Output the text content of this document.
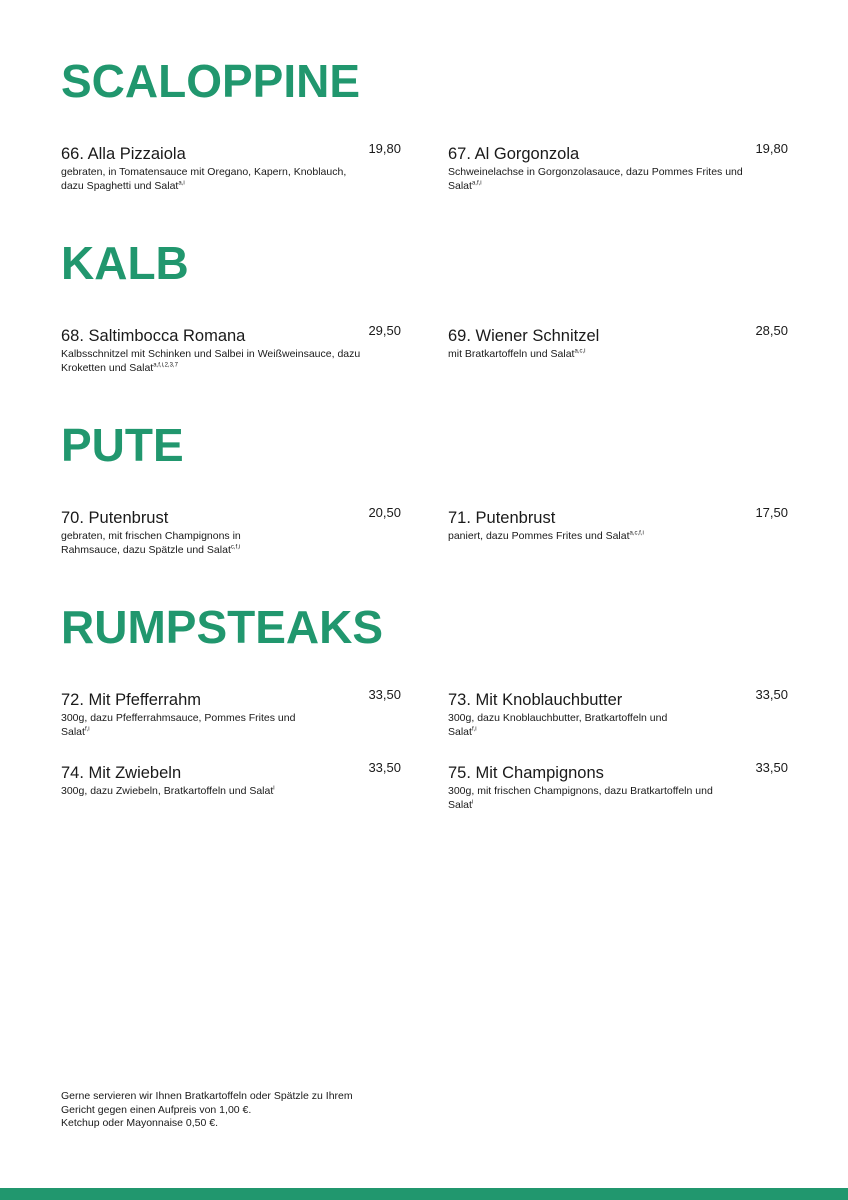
SCALOPPINE
66. Alla Pizzaiola	19,80
gebraten, in Tomatensauce mit Oregano, Kapern, Knoblauch, dazu Spaghetti und Salat$^{a,i}$
67. Al Gorgonzola	19,80
Schweinelachse in Gorgonzolasauce, dazu Pommes Frites und Salat$^{a,f,i}$
KALB
68. Saltimbocca Romana	29,50
Kalbsschnitzel mit Schinken und Salbei in Weißweinsauce, dazu Kroketten und Salat$^{a,f,i,2,3,7}$
69. Wiener Schnitzel	28,50
mit Bratkartoffeln und Salat$^{a,c,i}$
PUTE
70. Putenbrust	20,50
gebraten, mit frischen Champignons in Rahmsauce, dazu Spätzle und Salat$^{c,f,i}$
71. Putenbrust	17,50
paniert, dazu Pommes Frites und Salat$^{a,c,f,i}$
RUMPSTEAKS
72. Mit Pfefferrahm	33,50
300g, dazu Pfefferrahmsauce, Pommes Frites und Salat$^{f,i}$
73. Mit Knoblauchbutter	33,50
300g, dazu Knoblauchbutter, Bratkartoffeln und Salat$^{f,i}$
74. Mit Zwiebeln	33,50
300g, dazu Zwiebeln, Bratkartoffeln und Salat$^i$
75. Mit Champignons	33,50
300g, mit frischen Champignons, dazu Bratkartoffeln und Salat$^i$
Gerne servieren wir Ihnen Bratkartoffeln oder Spätzle zu Ihrem
Gericht gegen einen Aufpreis von 1,00 €.
Ketchup oder Mayonnaise 0,50 €.
